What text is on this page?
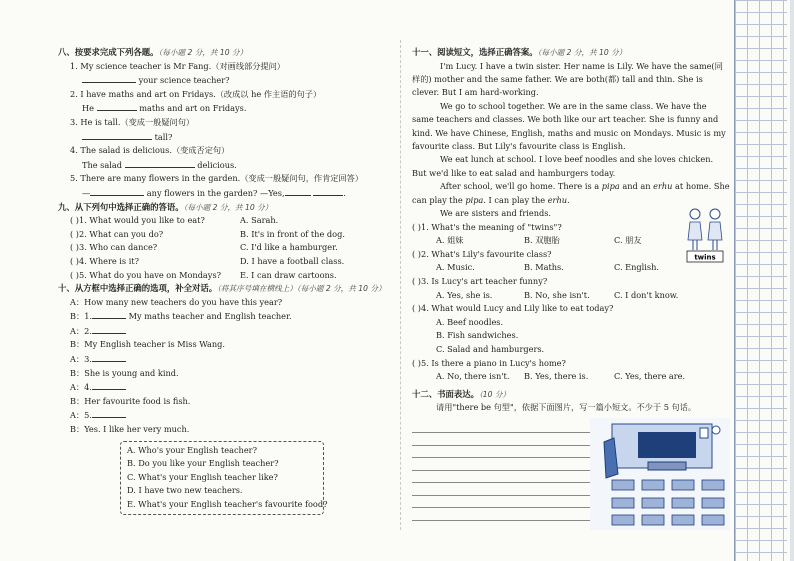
八、按要求完成下列各题。（每小题 2 分，共 10 分）
1. My science teacher is Mr Fang.（对画线部分提问）
your science teacher?
2. I have maths and art on Fridays.（改成以 he 作主语的句子）
He	maths and art on Fridays.
3. He is tall.（变成一般疑问句）
tall?
4. The salad is delicious.（变成否定句）
The salad	delicious.
5. There are many flowers in the garden.（变成一般疑问句，作肯定回答）
—	any flowers in the garden? —Yes,	.
九、从下列句中选择正确的答语。（每小题 2 分，共 10 分）
( )1. What would you like to eat?	A. Sarah.
( )2. What can you do?	B. It's in front of the dog.
( )3. Who can dance?	C. I'd like a hamburger.
( )4. Where is it?	D. I have a football class.
( )5. What do you have on Mondays?	E. I can draw cartoons.
十、从方框中选择正确的选项，补全对话。（将其序号填在横线上）（每小题 2 分，共 10 分）
A：How many new teachers do you have this year?
B：1.	My maths teacher and English teacher.
A：2.
B：My English teacher is Miss Wang.
A：3.
B：She is young and kind.
A：4.
B：Her favourite food is fish.
A：5.
B：Yes. I like her very much.
A. Who's your English teacher?
B. Do you like your English teacher?
C. What's your English teacher like?
D. I have two new teachers.
E. What's your English teacher's favourite food?
十一、阅读短文，选择正确答案。（每小题 2 分，共 10 分）
I'm Lucy. I have a twin sister. Her name is Lily. We have the same(同样的) mother and the same father. We are both(都) tall and thin. She is clever. But I am hard-working.
We go to school together. We are in the same class. We have the same teachers and classes. We both like our art teacher. She is funny and kind. We have Chinese, English, maths and music on Mondays. Music is my favourite class. But Lily's favourite class is English.
We eat lunch at school. I love beef noodles and she loves chicken. But we'd like to eat salad and hamburgers today.
After school, we'll go home. There is a pipa and an erhu at home. She can play the pipa. I can play the erhu.
We are sisters and friends.
( )1. What's the meaning of "twins"?
A. 姐妹	B. 双胞胎	C. 朋友
( )2. What's Lily's favourite class?
A. Music.	B. Maths.	C. English.
( )3. Is Lucy's art teacher funny?
A. Yes, she is.	B. No, she isn't.	C. I don't know.
( )4. What would Lucy and Lily like to eat today?
A. Beef noodles.
B. Fish sandwiches.
C. Salad and hamburgers.
( )5. Is there a piano in Lucy's home?
A. No, there isn't.	B. Yes, there is.	C. Yes, there are.
十二、书面表达。（10 分）
请用"there be 句型"，依据下面图片，写一篇小短文。不少于 5 句话。
twins
